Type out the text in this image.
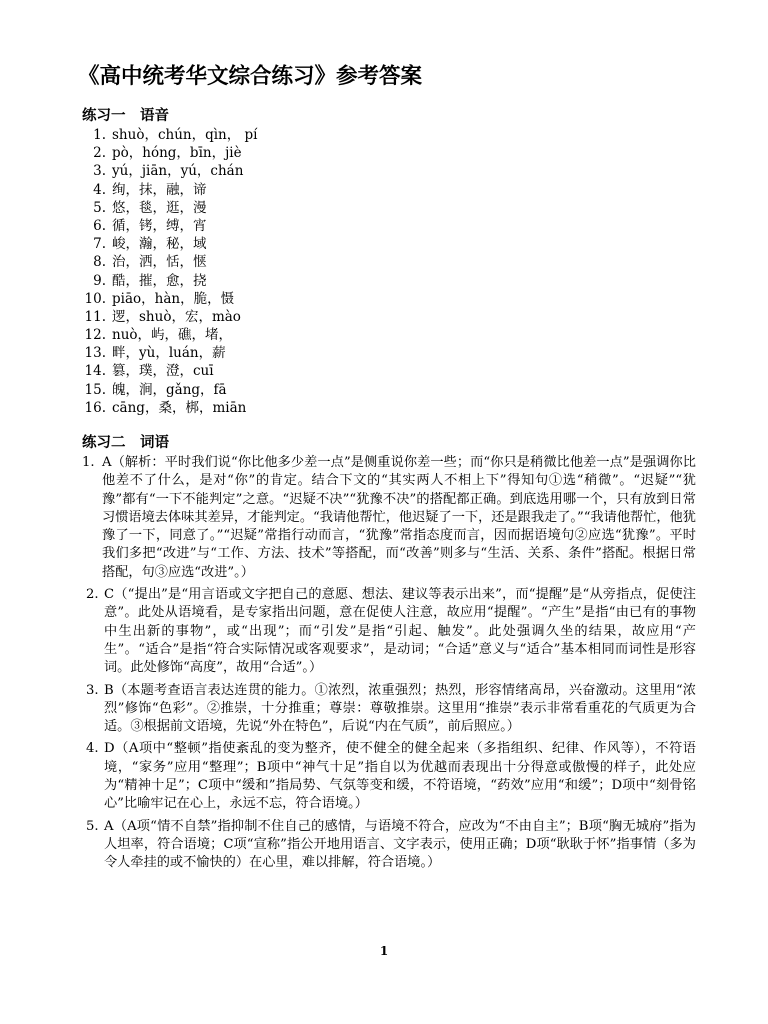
《高中统考华文综合练习》参考答案
练习一　语音
1. shuò，chún，qìn， pí
2. pò，hóng，bīn，jiè
3. yú，jiān，yú，chán
4. 绚，抹，融，谛
5. 悠，毯，逛，漫
6. 循，铐，缚，宵
7. 峻，瀚，秘，域
8. 治，洒，恬，惬
9. 酷，摧，愈，挠
10. piāo，hàn，脆，慑
11. 逻，shuò，宏，mào
12. nuò，屿，礁，堵，
13. 畔，yù，luán，薪
14. 篡，璞，澄，cuī
15. 魄，涧，gǎng，fā
16. cāng，桑，梆，miān
练习二　词语
1. A（解析：平时我们说“你比他多少差一点”是侧重说你差一些；而“你只是稍微比他差一点”是强调你比他差不了什么，是对“你”的肯定。结合下文的“其实两人不相上下”得知句①选“稍微”。“迟疑”“犹豫”都有“一下不能判定”之意。“迟疑不决”“犹豫不决”的搭配都正确。到底选用哪一个，只有放到日常习惯语境去体味其差异，才能判定。“我请他帮忙，他迟疑了一下，还是跟我走了。”“我请他帮忙，他犹豫了一下，同意了。”“迟疑”常指行动而言，“犹豫”常指态度而言，因而据语境句②应选“犹豫”。平时我们多把“改进”与“工作、方法、技术”等搭配，而“改善”则多与“生活、关系、条件”搭配。根据日常搭配，句③应选“改进”。）
2. C（“提出”是“用言语或文字把自己的意愿、想法、建议等表示出来”，而“提醒”是“从旁指点，促使注意”。此处从语境看，是专家指出问题，意在促使人注意，故应用“提醒”。“产生”是指“由已有的事物中生出新的事物”，或“出现”；而“引发”是指“引起、触发”。此处强调久坐的结果，故应用“产生”。“适合”是指“符合实际情况或客观要求”，是动词；“合适”意义与“适合”基本相同而词性是形容词。此处修饰“高度”，故用“合适”。）
3. B（本题考查语言表达连贯的能力。①浓烈，浓重强烈；热烈，形容情绪高昂，兴奋激动。这里用“浓烈”修饰“色彩”。②推崇，十分推重；尊崇：尊敬推崇。这里用“推崇”表示非常看重花的气质更为合适。③根据前文语境，先说“外在特色”，后说“内在气质”，前后照应。）
4. D（A项中“整顿”指使紊乱的变为整齐，使不健全的健全起来（多指组织、纪律、作风等），不符语境，“家务”应用“整理”；B项中“神气十足”指自以为优越而表现出十分得意或傲慢的样子，此处应为“精神十足”；C项中“缓和”指局势、气氛等变和缓，不符语境，“药效”应用“和缓”；D项中“刻骨铭心”比喻牢记在心上，永远不忘，符合语境。）
5. A（A项“情不自禁”指抑制不住自己的感情，与语境不符合，应改为“不由自主”；B项“胸无城府”指为人坦率，符合语境；C项“宣称”指公开地用语言、文字表示，使用正确；D项“耿耿于怀”指事情（多为令人牵挂的或不愉快的）在心里，难以排解，符合语境。）
1
